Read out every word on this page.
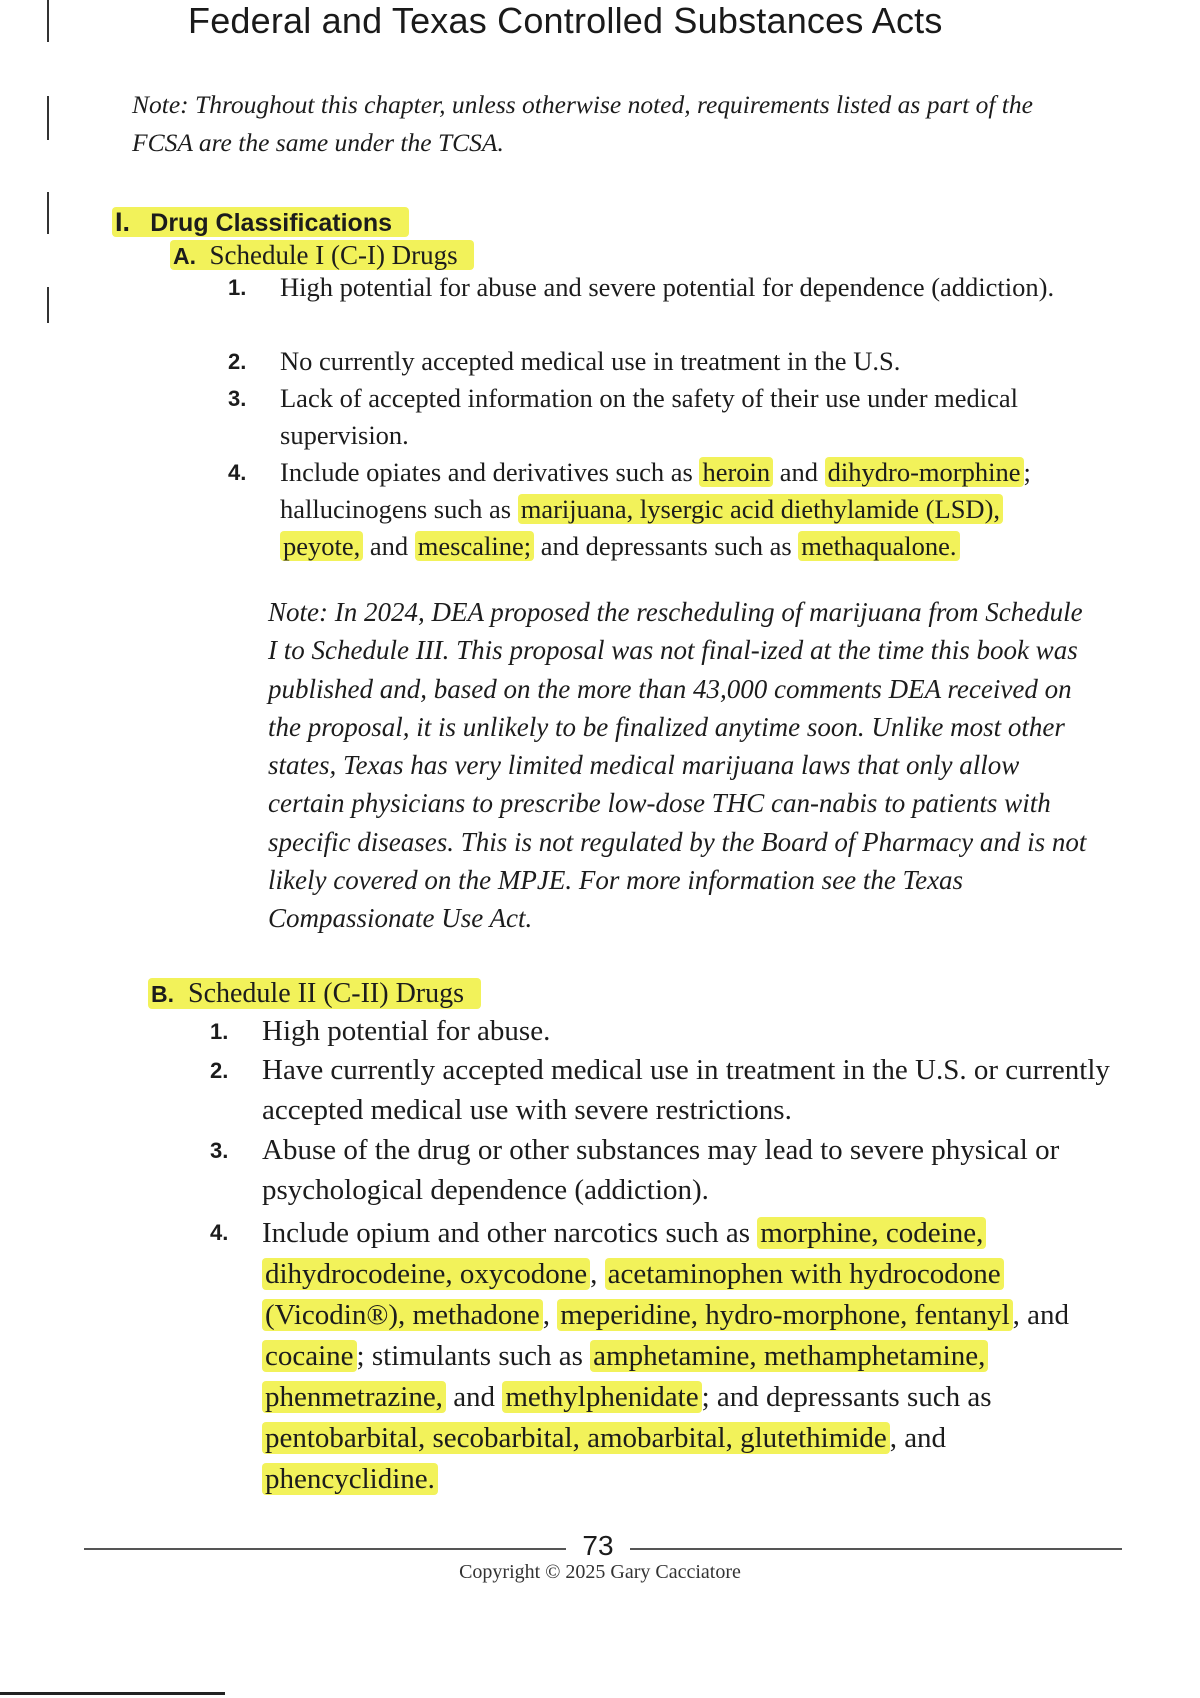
Federal and Texas Controlled Substances Acts
Note: Throughout this chapter, unless otherwise noted, requirements listed as part of the FCSA are the same under the TCSA.
I. Drug Classifications
A. Schedule I (C-I) Drugs
1.	High potential for abuse and severe potential for dependence (addiction).
2.	No currently accepted medical use in treatment in the U.S.
3.	Lack of accepted information on the safety of their use under medical supervision.
4.	Include opiates and derivatives such as heroin and dihydro-morphine ; hallucinogens such as marijuana, lysergic acid diethylamide (LSD), peyote, and mescaline; and depressants such as methaqualone.
Note: In 2024, DEA proposed the rescheduling of marijuana from Schedule I to Schedule III. This proposal was not final-ized at the time this book was published and, based on the more than 43,000 comments DEA received on the proposal, it is unlikely to be finalized anytime soon. Unlike most other states, Texas has very limited medical marijuana laws that only allow certain physicians to prescribe low-dose THC can-nabis to patients with specific diseases. This is not regulated by the Board of Pharmacy and is not likely covered on the MPJE. For more information see the Texas Compassionate Use Act.
B. Schedule II (C-II) Drugs
1.	High potential for abuse.
2.	Have currently accepted medical use in treatment in the U.S. or currently accepted medical use with severe restrictions.
3.	Abuse of the drug or other substances may lead to severe physical or psychological dependence (addiction).
4.	Include opium and other narcotics such as morphine, codeine, dihydrocodeine, oxycodone , acetaminophen with hydrocodone (Vicodin®), methadone , meperidine, hydro-morphone, fentanyl , and cocaine ; stimulants such as amphetamine, methamphetamine, phenmetrazine, and methylphenidate ; and depressants such as pentobarbital, secobarbital, amobarbital, glutethimide , and phencyclidine.
73
Copyright © 2025 Gary Cacciatore
